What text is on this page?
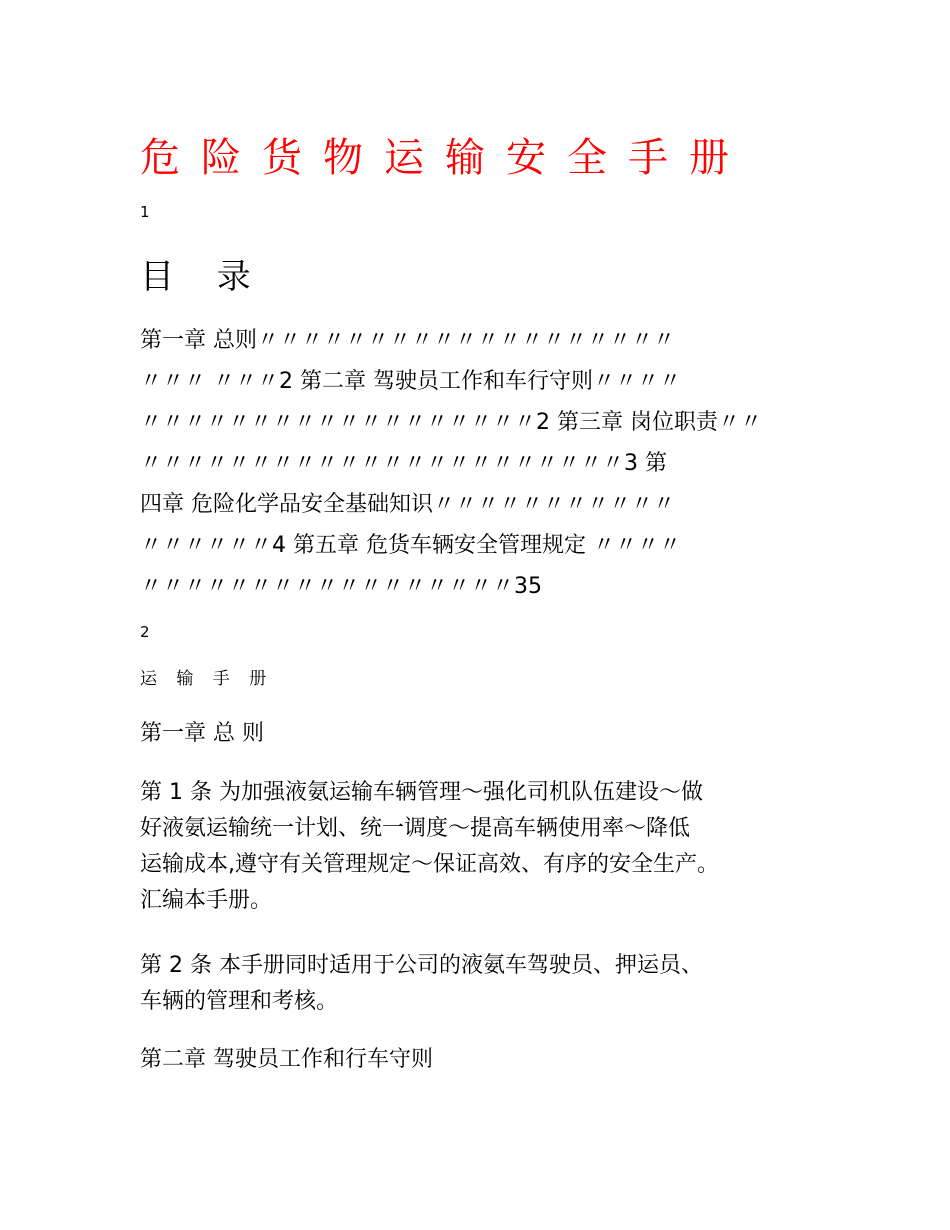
危险货物运输安全手册
1
目 录
第一章 总则〃〃〃〃〃〃〃〃〃〃〃〃〃〃〃〃〃〃〃
〃〃〃 〃〃〃2 第二章 驾驶员工作和车行守则〃〃〃〃
〃〃〃〃〃〃〃〃〃〃〃〃〃〃〃〃〃〃2 第三章 岗位职责〃〃
〃〃〃〃〃〃〃〃〃〃〃〃〃〃〃〃〃〃〃〃〃〃3 第
四章 危险化学品安全基础知识〃〃〃〃〃〃〃〃〃〃〃
〃〃〃〃〃〃4 第五章 危货车辆安全管理规定 〃〃〃〃
〃〃〃〃〃〃〃〃〃〃〃〃〃〃〃〃〃35
2
运 输 手 册
第一章 总 则
第 1 条 为加强液氨运输车辆管理～强化司机队伍建设～做
好液氨运输统一计划、统一调度～提高车辆使用率～降低
运输成本,遵守有关管理规定～保证高效、有序的安全生产。
汇编本手册。
第 2 条 本手册同时适用于公司的液氨车驾驶员、押运员、
车辆的管理和考核。
第二章 驾驶员工作和行车守则
